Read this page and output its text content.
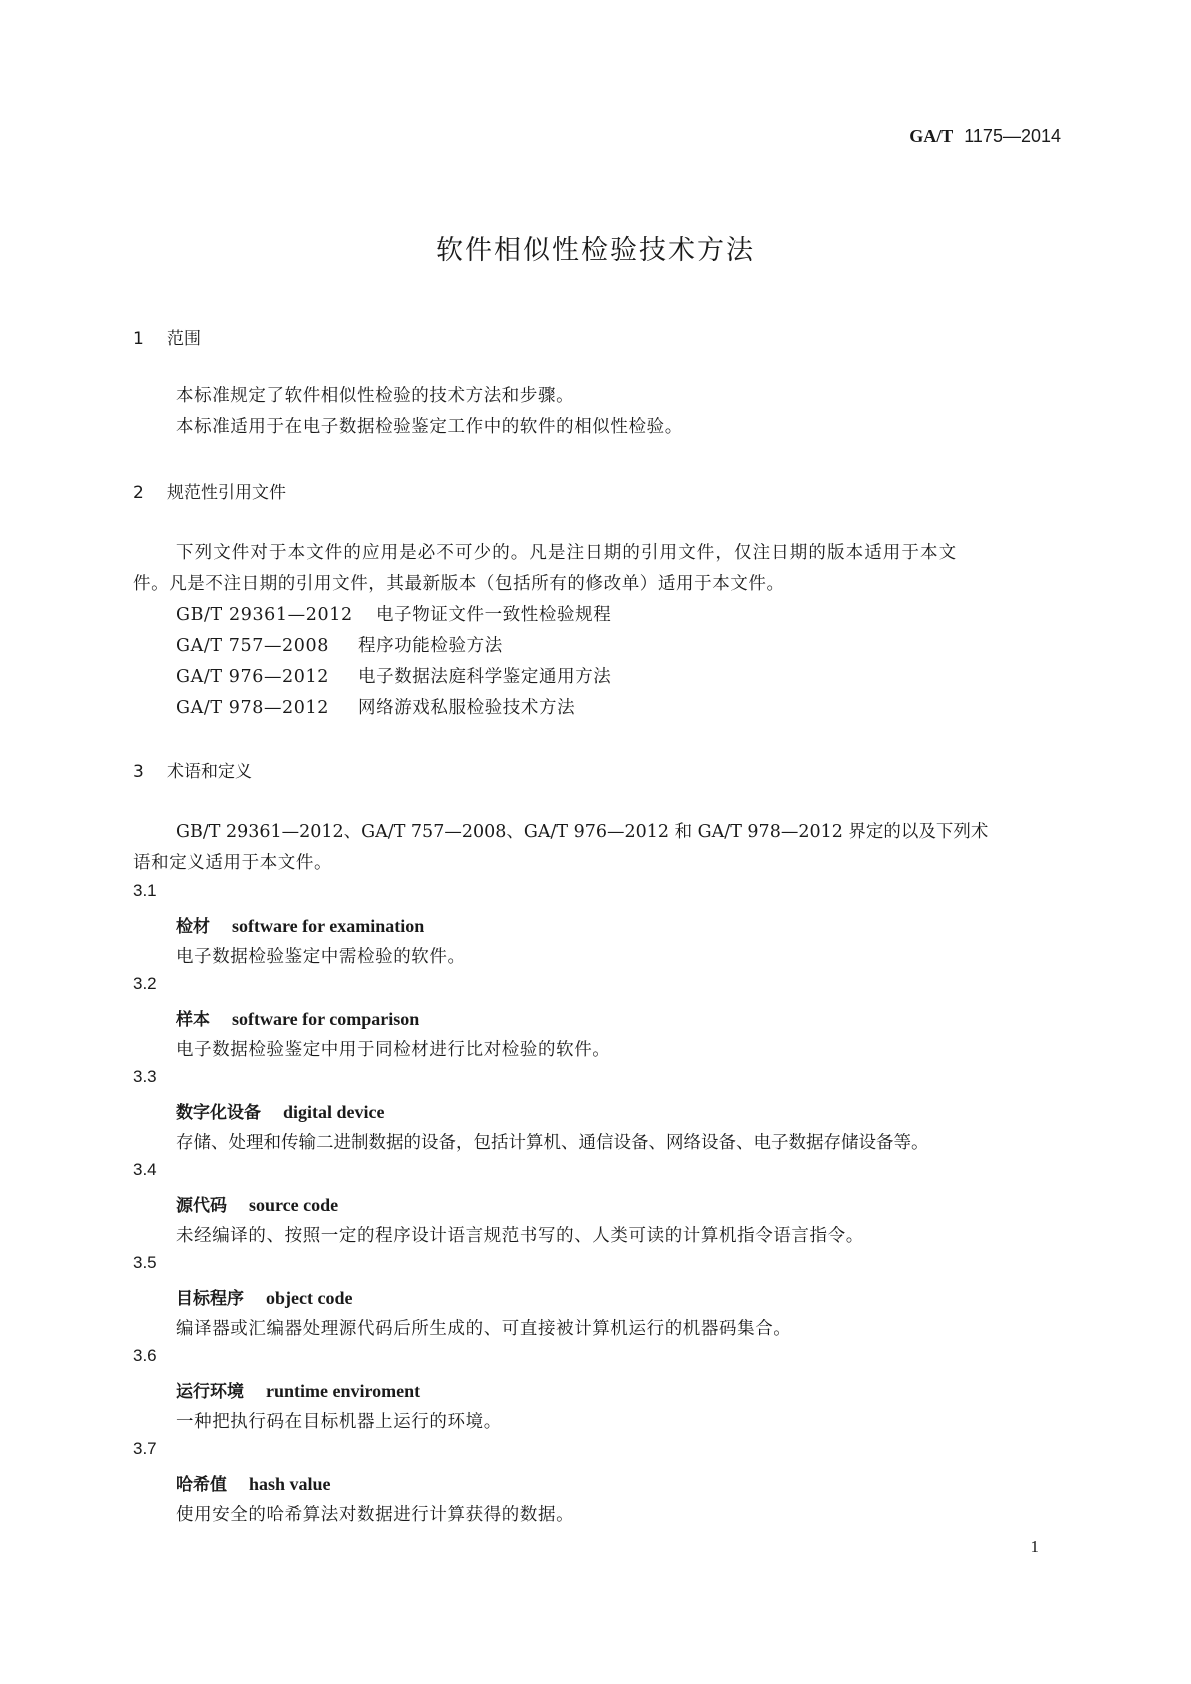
GA/T 1175—2014
软件相似性检验技术方法
1 范围
本标准规定了软件相似性检验的技术方法和步骤。
本标准适用于在电子数据检验鉴定工作中的软件的相似性检验。
2 规范性引用文件
下列文件对于本文件的应用是必不可少的。凡是注日期的引用文件，仅注日期的版本适用于本文
件。凡是不注日期的引用文件，其最新版本（包括所有的修改单）适用于本文件。
GB/T 29361—2012 电子物证文件一致性检验规程
GA/T 757—2008 程序功能检验方法
GA/T 976—2012 电子数据法庭科学鉴定通用方法
GA/T 978—2012 网络游戏私服检验技术方法
3 术语和定义
GB/T 29361—2012、GA/T 757—2008、GA/T 976—2012 和 GA/T 978—2012 界定的以及下列术
语和定义适用于本文件。
3.1
检材 software for examination
电子数据检验鉴定中需检验的软件。
3.2
样本 software for comparison
电子数据检验鉴定中用于同检材进行比对检验的软件。
3.3
数字化设备 digital device
存储、处理和传输二进制数据的设备，包括计算机、通信设备、网络设备、电子数据存储设备等。
3.4
源代码 source code
未经编译的、按照一定的程序设计语言规范书写的、人类可读的计算机指令语言指令。
3.5
目标程序 object code
编译器或汇编器处理源代码后所生成的、可直接被计算机运行的机器码集合。
3.6
运行环境 runtime enviroment
一种把执行码在目标机器上运行的环境。
3.7
哈希值 hash value
使用安全的哈希算法对数据进行计算获得的数据。
1
